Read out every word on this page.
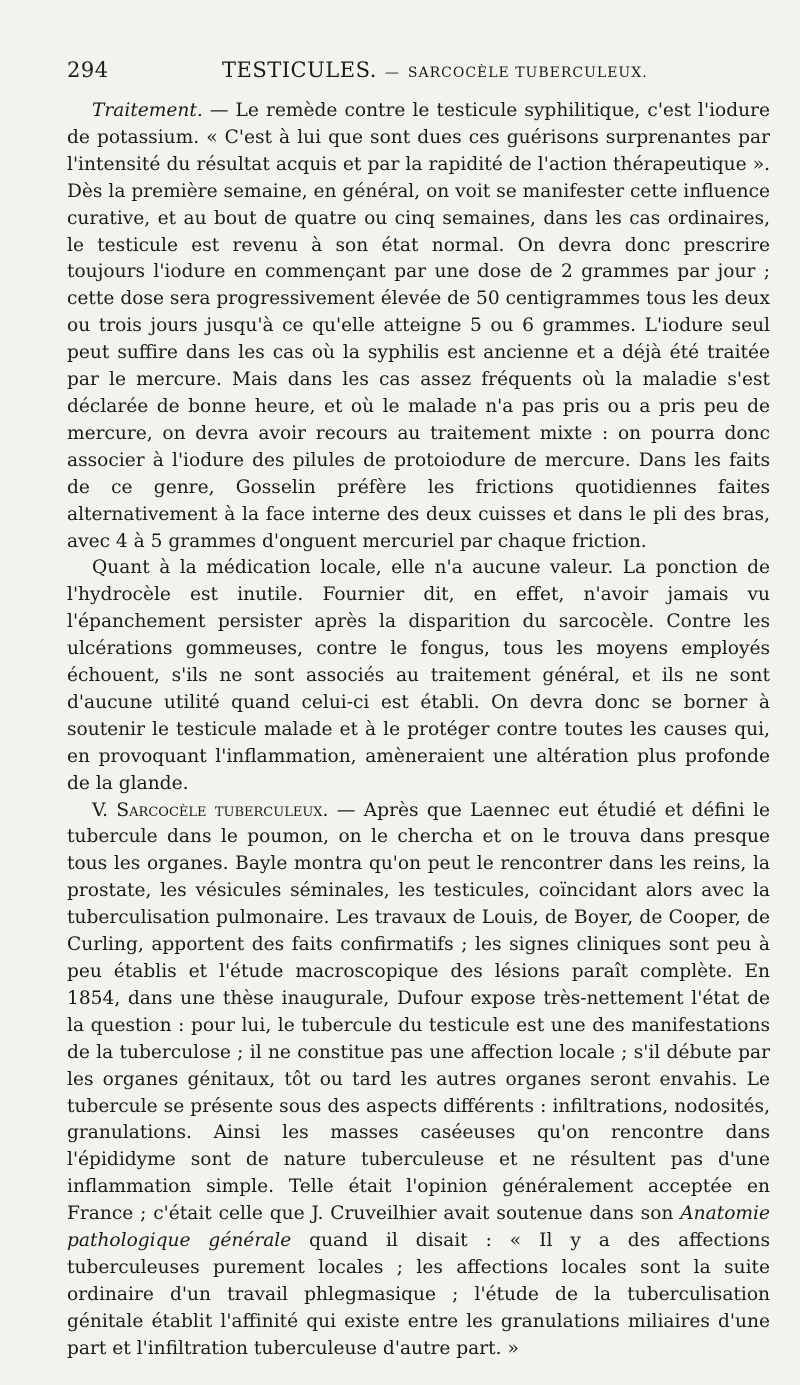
294	TESTICULES. — SARCOCÈLE TUBERCULEUX.

Traitement. — Le remède contre le testicule syphilitique, c'est l'iodure de potassium. « C'est à lui que sont dues ces guérisons surprenantes par l'intensité du résultat acquis et par la rapidité de l'action thérapeutique ». Dès la première semaine, en général, on voit se manifester cette influence curative, et au bout de quatre ou cinq semaines, dans les cas ordinaires, le testicule est revenu à son état normal. On devra donc prescrire toujours l'iodure en commençant par une dose de 2 grammes par jour ; cette dose sera progressivement élevée de 50 centigrammes tous les deux ou trois jours jusqu'à ce qu'elle atteigne 5 ou 6 grammes. L'iodure seul peut suffire dans les cas où la syphilis est ancienne et a déjà été traitée par le mercure. Mais dans les cas assez fréquents où la maladie s'est déclarée de bonne heure, et où le malade n'a pas pris ou a pris peu de mercure, on devra avoir recours au traitement mixte : on pourra donc associer à l'iodure des pilules de protoiodure de mercure. Dans les faits de ce genre, Gosselin préfère les frictions quotidiennes faites alternativement à la face interne des deux cuisses et dans le pli des bras, avec 4 à 5 grammes d'onguent mercuriel par chaque friction.

Quant à la médication locale, elle n'a aucune valeur. La ponction de l'hydrocèle est inutile. Fournier dit, en effet, n'avoir jamais vu l'épanchement persister après la disparition du sarcocèle. Contre les ulcérations gommeuses, contre le fongus, tous les moyens employés échouent, s'ils ne sont associés au traitement général, et ils ne sont d'aucune utilité quand celui-ci est établi. On devra donc se borner à soutenir le testicule malade et à le protéger contre toutes les causes qui, en provoquant l'inflammation, amèneraient une altération plus profonde de la glande.

V. Sarcocèle tuberculeux. — Après que Laennec eut étudié et défini le tubercule dans le poumon, on le chercha et on le trouva dans presque tous les organes. Bayle montra qu'on peut le rencontrer dans les reins, la prostate, les vésicules séminales, les testicules, coïncidant alors avec la tuberculisation pulmonaire. Les travaux de Louis, de Boyer, de Cooper, de Curling, apportent des faits confirmatifs ; les signes cliniques sont peu à peu établis et l'étude macroscopique des lésions paraît complète. En 1854, dans une thèse inaugurale, Dufour expose très-nettement l'état de la question : pour lui, le tubercule du testicule est une des manifestations de la tuberculose ; il ne constitue pas une affection locale ; s'il débute par les organes génitaux, tôt ou tard les autres organes seront envahis. Le tubercule se présente sous des aspects différents : infiltrations, nodosités, granulations. Ainsi les masses caséeuses qu'on rencontre dans l'épididyme sont de nature tuberculeuse et ne résultent pas d'une inflammation simple. Telle était l'opinion généralement acceptée en France ; c'était celle que J. Cruveilhier avait soutenue dans son Anatomie pathologique générale quand il disait : « Il y a des affections tuberculeuses purement locales ; les affections locales sont la suite ordinaire d'un travail phlegmasique ; l'étude de la tuberculisation génitale établit l'affinité qui existe entre les granulations miliaires d'une part et l'infiltration tuberculeuse d'autre part. »
